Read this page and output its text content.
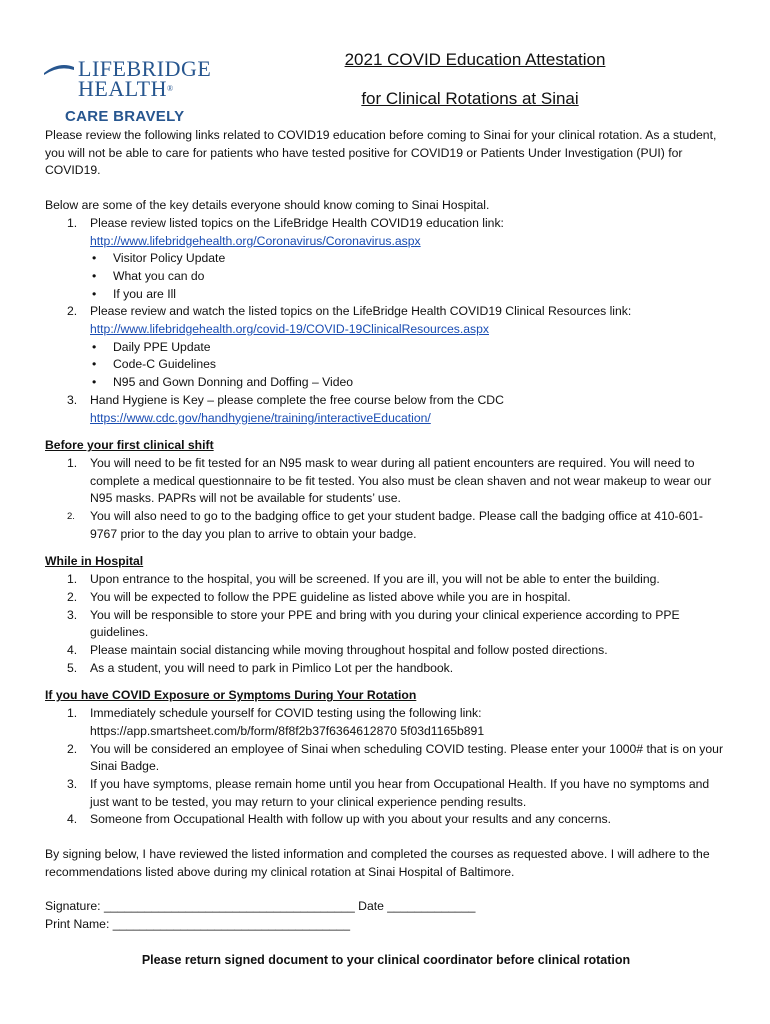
LIFEBRIDGE
HEALTH®
CARE BRAVELY
2021 COVID Education Attestation
for Clinical Rotations at Sinai

Please review the following links related to COVID19 education before coming to Sinai for your clinical rotation. As a student, you will not be able to care for patients who have tested positive for COVID19 or Patients Under Investigation (PUI) for COVID19.

Below are some of the key details everyone should know coming to Sinai Hospital.

1. Please review listed topics on the LifeBridge Health COVID19 education link:
http://www.lifebridgehealth.org/Coronavirus/Coronavirus.aspx
• Visitor Policy Update
• What you can do
• If you are Ill
2. Please review and watch the listed topics on the LifeBridge Health COVID19 Clinical Resources link:
http://www.lifebridgehealth.org/covid-19/COVID-19ClinicalResources.aspx
• Daily PPE Update
• Code-C Guidelines
• N95 and Gown Donning and Doffing – Video
3. Hand Hygiene is Key – please complete the free course below from the CDC
https://www.cdc.gov/handhygiene/training/interactiveEducation/

Before your first clinical shift

1. You will need to be fit tested for an N95 mask to wear during all patient encounters are required. You will need to complete a medical questionnaire to be fit tested. You also must be clean shaven and not wear makeup to wear our N95 masks. PAPRs will not be available for students’ use.
2. You will also need to go to the badging office to get your student badge. Please call the badging office at 410-601-9767 prior to the day you plan to arrive to obtain your badge.

While in Hospital

1. Upon entrance to the hospital, you will be screened. If you are ill, you will not be able to enter the building.
2. You will be expected to follow the PPE guideline as listed above while you are in hospital.
3. You will be responsible to store your PPE and bring with you during your clinical experience according to PPE guidelines.
4. Please maintain social distancing while moving throughout hospital and follow posted directions.
5. As a student, you will need to park in Pimlico Lot per the handbook.

If you have COVID Exposure or Symptoms During Your Rotation

1. Immediately schedule yourself for COVID testing using the following link:
https://app.smartsheet.com/b/form/8f8f2b37f6364612870 5f03d1165b891
2. You will be considered an employee of Sinai when scheduling COVID testing. Please enter your 1000# that is on your Sinai Badge.
3. If you have symptoms, please remain home until you hear from Occupational Health. If you have no symptoms and just want to be tested, you may return to your clinical experience pending results.
4. Someone from Occupational Health with follow up with you about your results and any concerns.

By signing below, I have reviewed the listed information and completed the courses as requested above. I will adhere to the recommendations listed above during my clinical rotation at Sinai Hospital of Baltimore.

Signature: _____________________________________ Date _____________

Print Name: ___________________________________

Please return signed document to your clinical coordinator before clinical rotation
